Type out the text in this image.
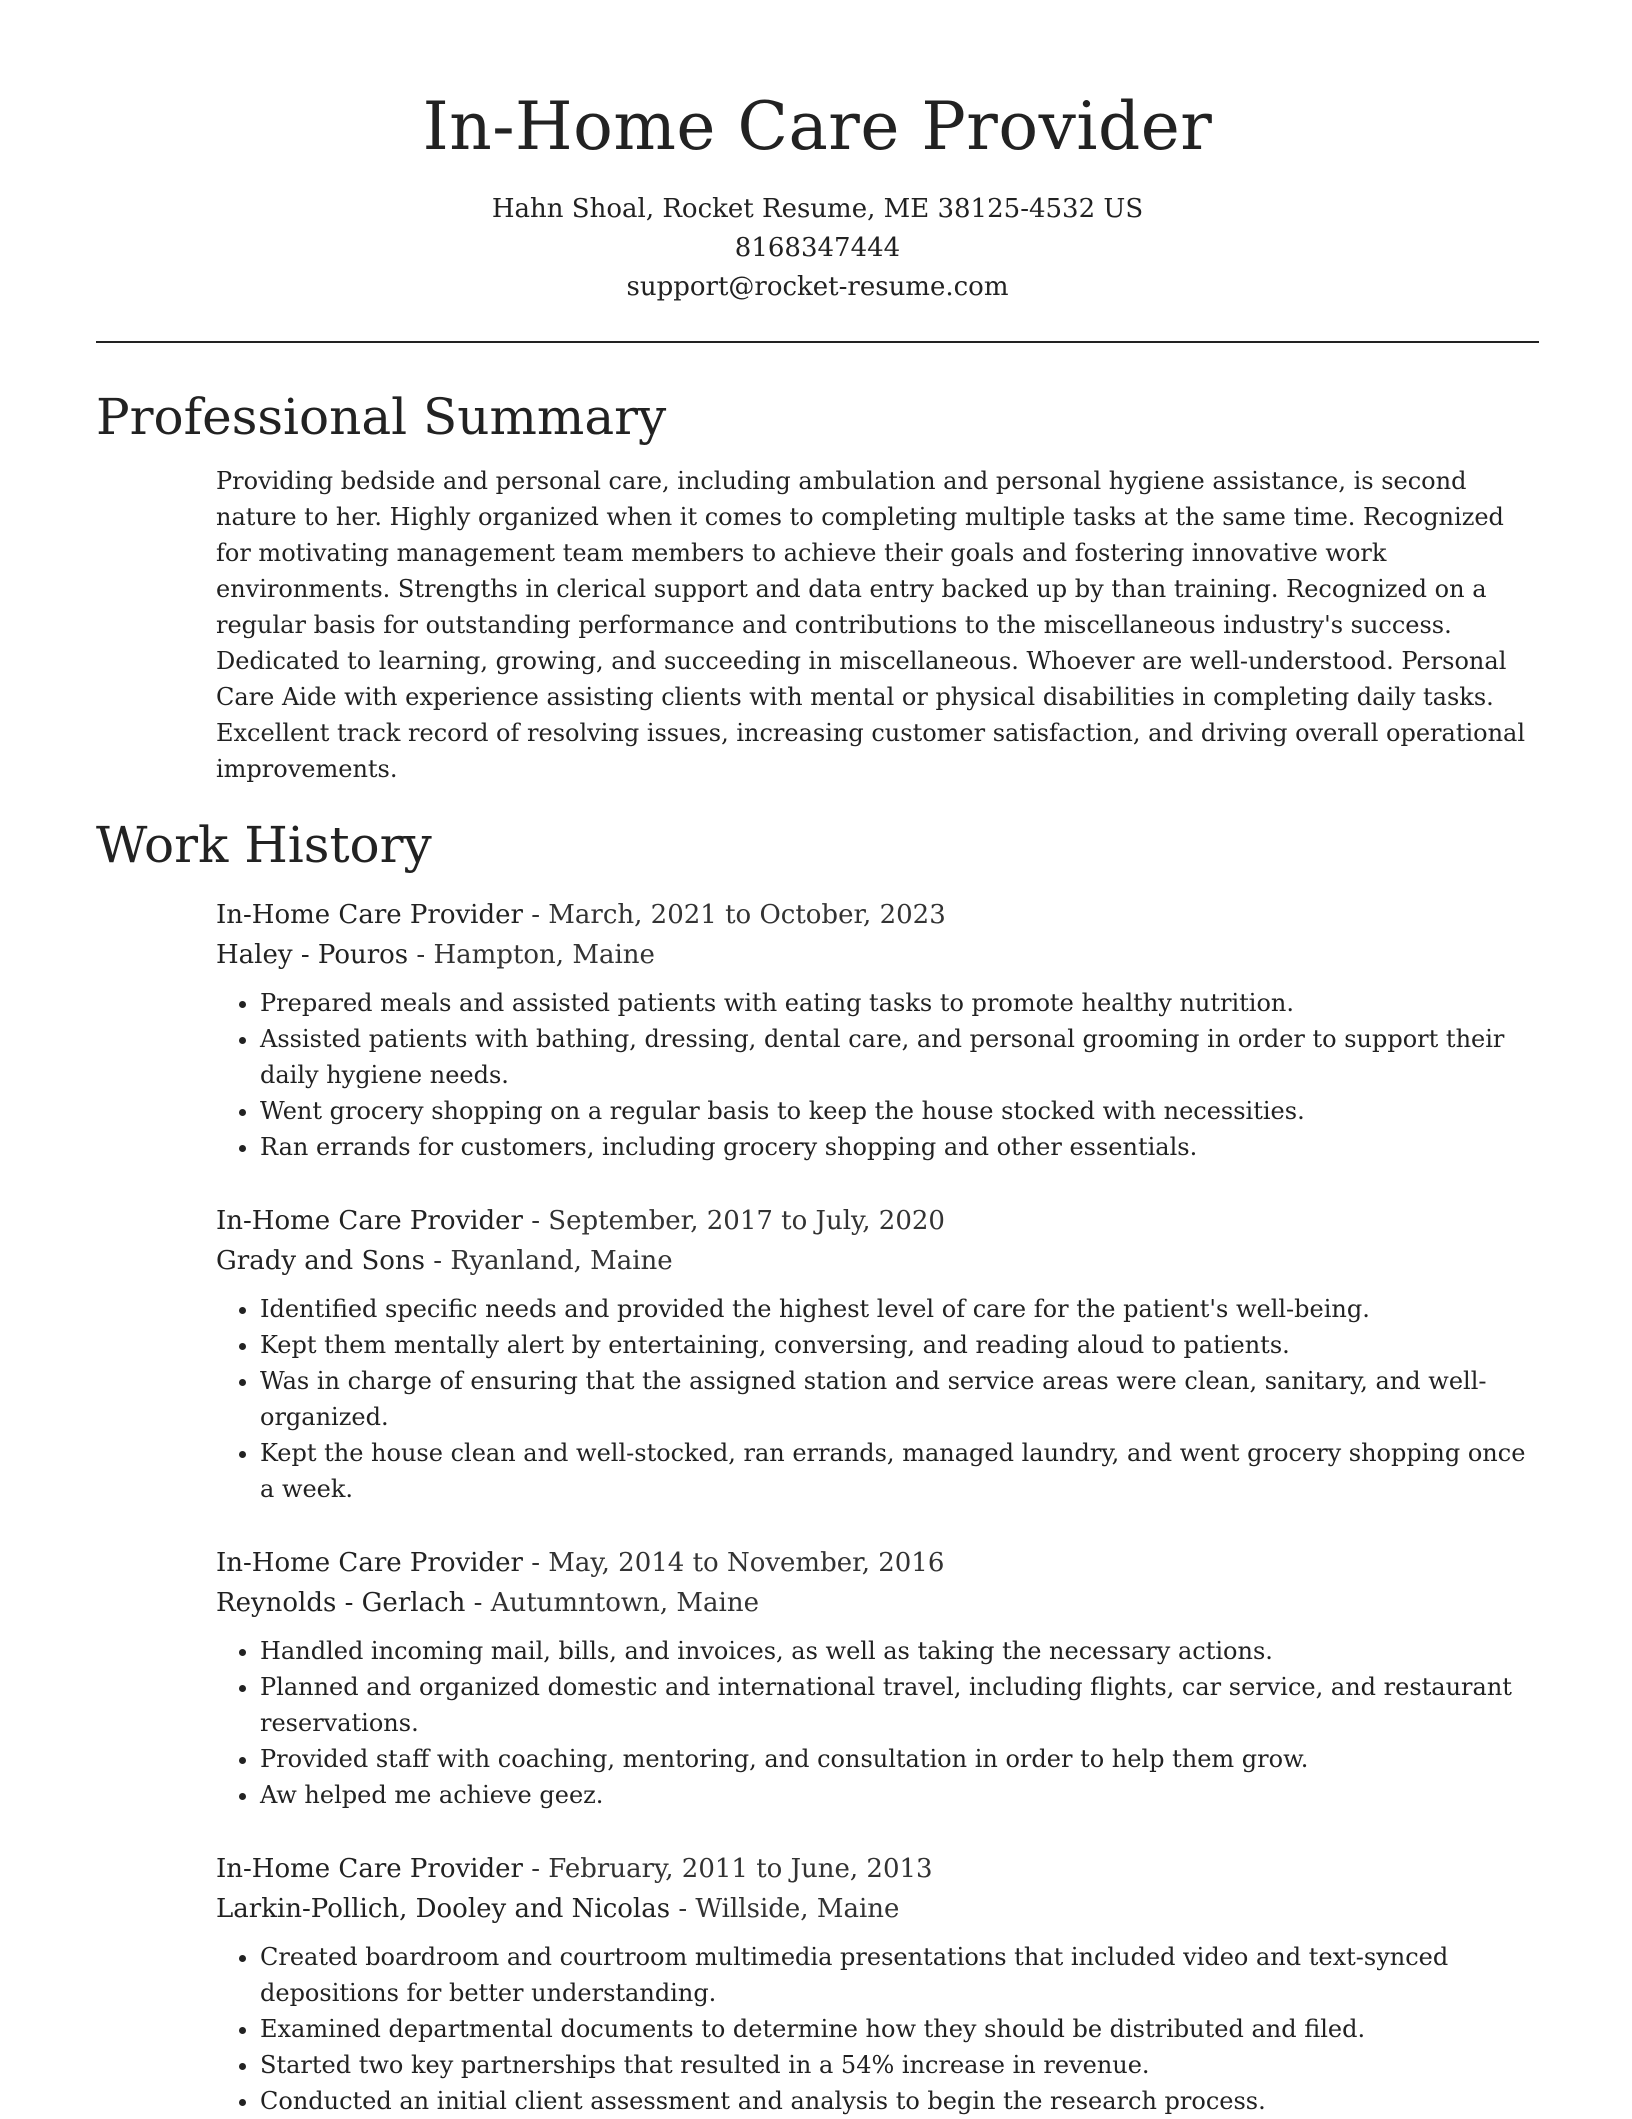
In-Home Care Provider
Hahn Shoal, Rocket Resume, ME 38125-4532 US
8168347444
support@rocket-resume.com
Professional Summary

Providing bedside and personal care, including ambulation and personal hygiene assistance, is second nature to her. Highly organized when it comes to completing multiple tasks at the same time. Recognized for motivating management team members to achieve their goals and fostering innovative work environments. Strengths in clerical support and data entry backed up by than training. Recognized on a regular basis for outstanding performance and contributions to the miscellaneous industry's success. Dedicated to learning, growing, and succeeding in miscellaneous. Whoever are well-understood. Personal Care Aide with experience assisting clients with mental or physical disabilities in completing daily tasks. Excellent track record of resolving issues, increasing customer satisfaction, and driving overall operational improvements.

Work History
In-Home Care Provider - March, 2021 to October, 2023
Haley - Pouros - Hampton, Maine
• Prepared meals and assisted patients with eating tasks to promote healthy nutrition.
• Assisted patients with bathing, dressing, dental care, and personal grooming in order to support their daily hygiene needs.
• Went grocery shopping on a regular basis to keep the house stocked with necessities.
• Ran errands for customers, including grocery shopping and other essentials.
In-Home Care Provider - September, 2017 to July, 2020
Grady and Sons - Ryanland, Maine
• Identified specific needs and provided the highest level of care for the patient's well-being.
• Kept them mentally alert by entertaining, conversing, and reading aloud to patients.
• Was in charge of ensuring that the assigned station and service areas were clean, sanitary, and well-organized.
• Kept the house clean and well-stocked, ran errands, managed laundry, and went grocery shopping once a week.
In-Home Care Provider - May, 2014 to November, 2016
Reynolds - Gerlach - Autumntown, Maine
• Handled incoming mail, bills, and invoices, as well as taking the necessary actions.
• Planned and organized domestic and international travel, including flights, car service, and restaurant reservations.
• Provided staff with coaching, mentoring, and consultation in order to help them grow.
• Aw helped me achieve geez.
In-Home Care Provider - February, 2011 to June, 2013
Larkin-Pollich, Dooley and Nicolas - Willside, Maine
• Created boardroom and courtroom multimedia presentations that included video and text-synced depositions for better understanding.
• Examined departmental documents to determine how they should be distributed and filed.
• Started two key partnerships that resulted in a 54% increase in revenue.
• Conducted an initial client assessment and analysis to begin the research process.
